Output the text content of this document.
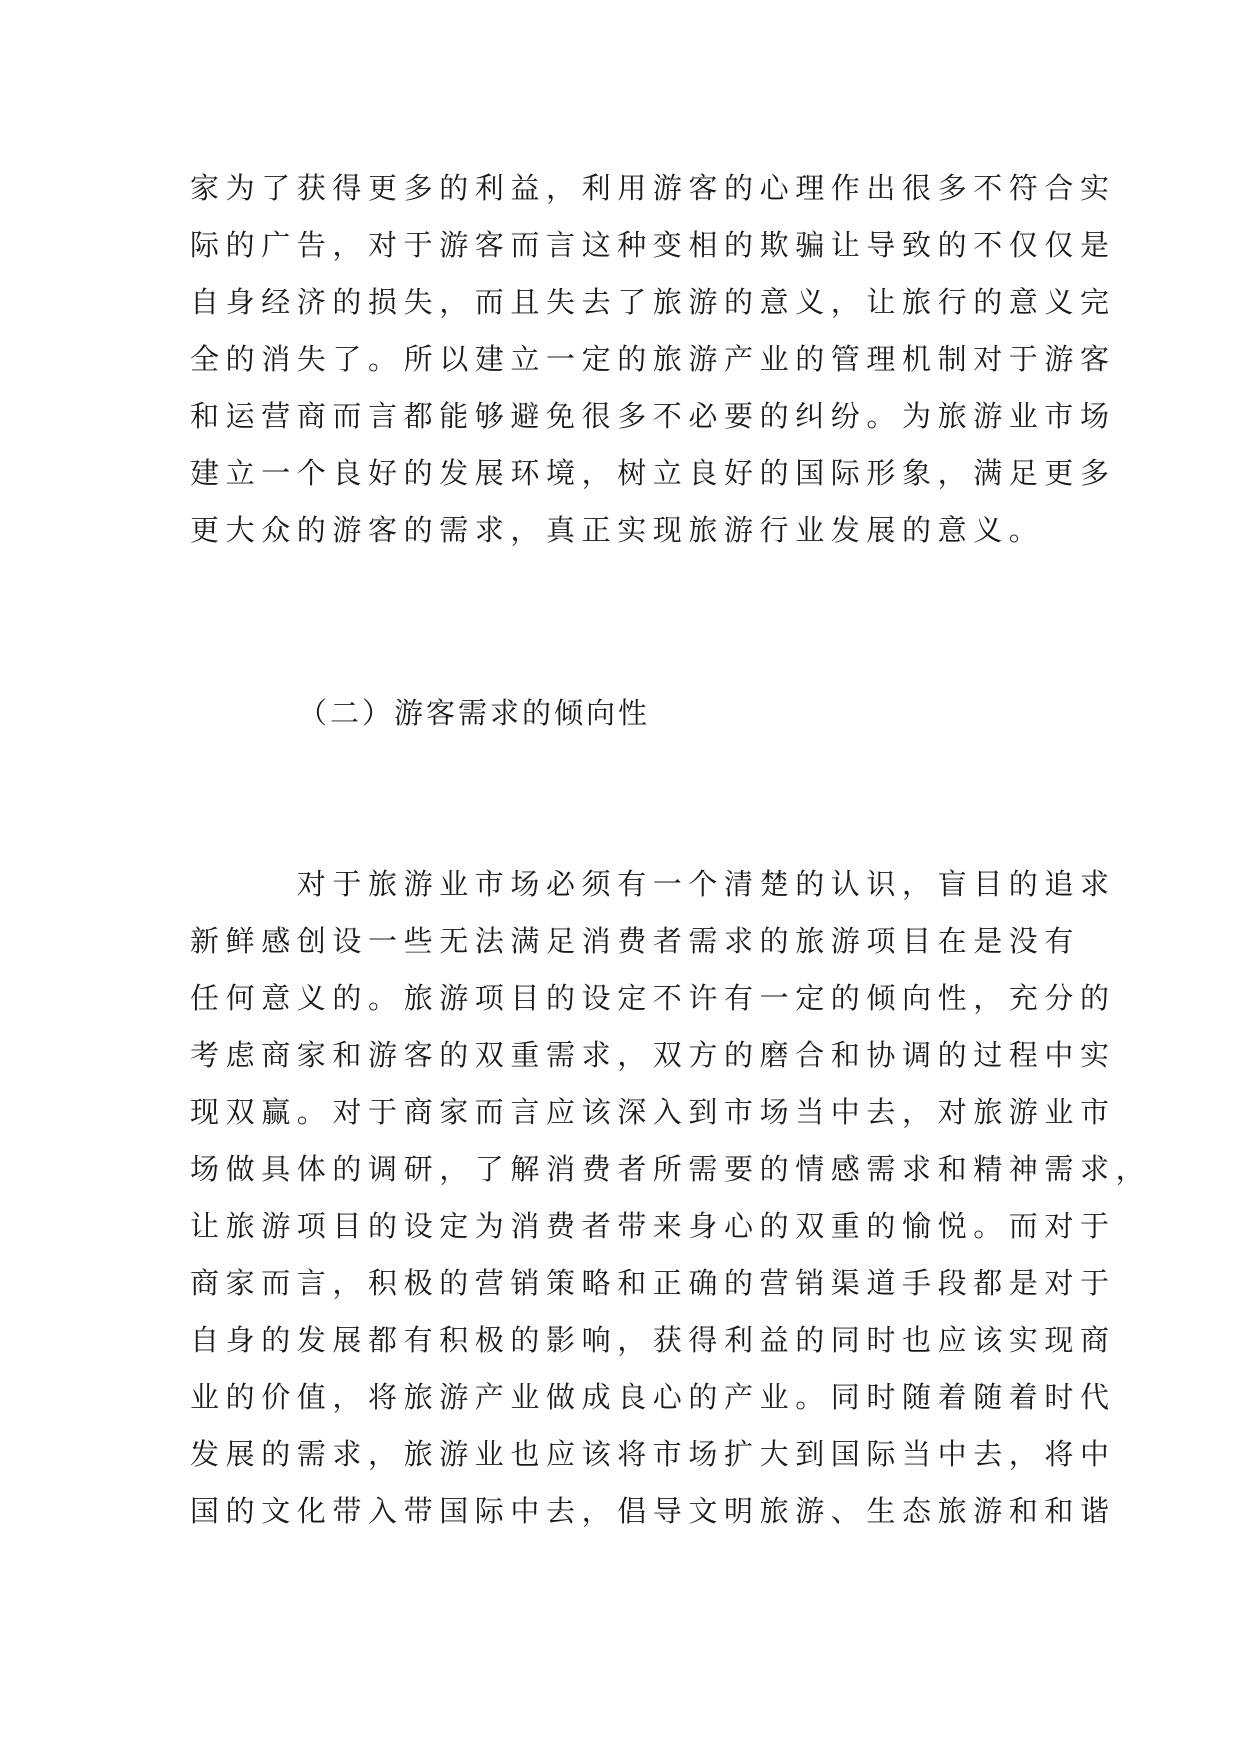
家为了获得更多的利益，利用游客的心理作出很多不符合实
际的广告，对于游客而言这种变相的欺骗让导致的不仅仅是
自身经济的损失，而且失去了旅游的意义，让旅行的意义完
全的消失了。所以建立一定的旅游产业的管理机制对于游客
和运营商而言都能够避免很多不必要的纠纷。为旅游业市场
建立一个良好的发展环境，树立良好的国际形象，满足更多
更大众的游客的需求，真正实现旅游行业发展的意义。
（二）游客需求的倾向性
　　　对于旅游业市场必须有一个清楚的认识，盲目的追求
新鲜感创设一些无法满足消费者需求的旅游项目在是没有
任何意义的。旅游项目的设定不许有一定的倾向性，充分的
考虑商家和游客的双重需求，双方的磨合和协调的过程中实
现双赢。对于商家而言应该深入到市场当中去，对旅游业市
场做具体的调研，了解消费者所需要的情感需求和精神需求，
让旅游项目的设定为消费者带来身心的双重的愉悦。而对于
商家而言，积极的营销策略和正确的营销渠道手段都是对于
自身的发展都有积极的影响，获得利益的同时也应该实现商
业的价值，将旅游产业做成良心的产业。同时随着随着时代
发展的需求，旅游业也应该将市场扩大到国际当中去，将中
国的文化带入带国际中去，倡导文明旅游、生态旅游和和谐
